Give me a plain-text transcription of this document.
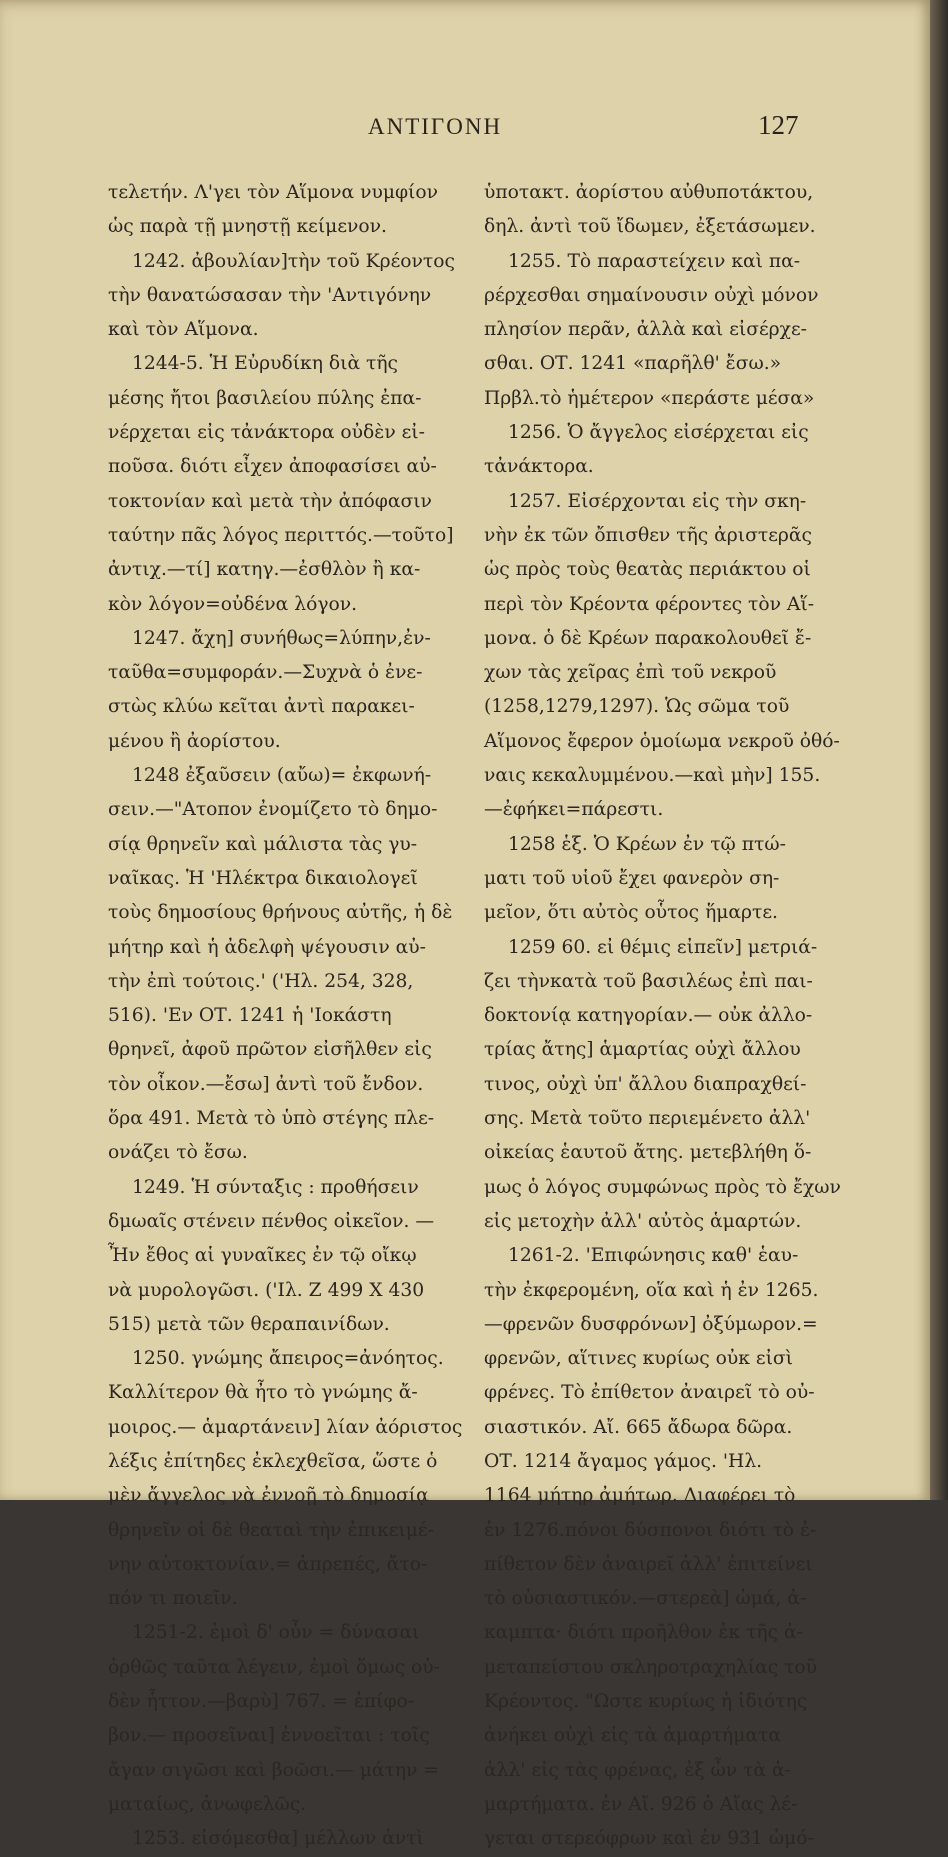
ΑΝΤΙΓΟΝΗ	127
τελετήν. Λ'γει τὸν Αἵμονα νυμφίον
ὡς παρὰ τῇ μνηστῇ κείμενον.
1242. ἀβουλίαν]τὴν τοῦ Κρέοντος
τὴν θανατώσασαν τὴν 'Αντιγόνην
καὶ τὸν Αἵμονα.
1244-5. Ἡ Εὐρυδίκη διὰ τῆς
μέσης ἤτοι βασιλείου πύλης ἐπα-
νέρχεται εἰς τἀνάκτορα οὐδὲν εἰ-
ποῦσα. διότι εἶχεν ἀποφασίσει αὐ-
τοκτονίαν καὶ μετὰ τὴν ἀπόφασιν
ταύτην πᾶς λόγος περιττός.—τοῦτο]
ἀντιχ.—τί] κατηγ.—ἐσθλὸν ἢ κα-
κὸν λόγον=οὐδένα λόγον.
1247. ἄχη] συνήθως=λύπην,ἐν-
ταῦθα=συμφοράν.—Συχνὰ ὁ ἐνε-
στὼς κλύω κεῖται ἀντὶ παρακει-
μένου ἢ ἀορίστου.
1248 ἐξαῦσειν (αὔω)= ἐκφωνή-
σειν.—"Ατοπον ἐνομίζετο τὸ δημο-
σίᾳ θρηνεῖν καὶ μάλιστα τὰς γυ-
ναῖκας. Ἡ 'Ηλέκτρα δικαιολογεῖ
τοὺς δημοσίους θρήνους αὐτῆς, ἡ δὲ
μήτηρ καὶ ἡ ἀδελφὴ ψέγουσιν αὐ-
τὴν ἐπὶ τούτοις.' ('Ηλ. 254, 328,
516). 'Εν ΟΤ. 1241 ἡ 'Ιοκάστη
θρηνεῖ, ἀφοῦ πρῶτον εἰσῆλθεν εἰς
τὸν οἶκον.—ἔσω] ἀντὶ τοῦ ἔνδον.
ὅρα 491. Μετὰ τὸ ὑπὸ στέγης πλε-
ονάζει τὸ ἔσω.
1249. Ἡ σύνταξις : προθήσειν
δμωαῖς στένειν πένθος οἰκεῖον. —
Ἦν ἔθος αἱ γυναῖκες ἐν τῷ οἴκῳ
νὰ μυρολογῶσι. ('Ιλ. Ζ 499 Χ 430
515) μετὰ τῶν θεραπαινίδων.
1250. γνώμης ἄπειρος=ἀνόητος.
Καλλίτερον θὰ ἦτο τὸ γνώμης ἄ-
μοιρος.— ἁμαρτάνειν] λίαν ἀόριστος
λέξις ἐπίτηδες ἐκλεχθεῖσα, ὥστε ὁ
μὲν ἄγγελος νὰ ἐννοῇ τὸ δημοσίᾳ
θρηνεῖν οἱ δὲ θεαταὶ τὴν ἐπικειμέ-
νην αὐτοκτονίαν.= ἀπρεπές, ἄτο-
πόν τι ποιεῖν.
1251-2. ἐμοὶ δ' οὖν = δύνασαι
ὀρθῶς ταῦτα λέγειν, ἐμοὶ ὅμως οὐ-
δὲν ἧττον.—βαρὺ] 767. = ἐπίφο-
βον.— προσεῖναι] ἐννοεῖται : τοῖς
ἄγαν σιγῶσι καὶ βοῶσι.— μάτην =
ματαίως, ἀνωφελῶς.
1253. εἰσόμεσθα] μέλλων ἀντὶ
ὑποτακτ. ἀορίστου αὐθυποτάκτου,
δηλ. ἀντὶ τοῦ ἴδωμεν, ἐξετάσωμεν.
1255. Τὸ παραστείχειν καὶ πα-
ρέρχεσθαι σημαίνουσιν οὐχὶ μόνον
πλησίον περᾶν, ἀλλὰ καὶ εἰσέρχε-
σθαι. ΟΤ. 1241 «παρῆλθ' ἔσω.»
Πρβλ.τὸ ἡμέτερον «περάστε μέσα»
1256. Ὁ ἄγγελος εἰσέρχεται εἰς
τἀνάκτορα.
1257. Εἰσέρχονται εἰς τὴν σκη-
νὴν ἐκ τῶν ὄπισθεν τῆς ἀριστερᾶς
ὡς πρὸς τοὺς θεατὰς περιάκτου οἱ
περὶ τὸν Κρέοντα φέροντες τὸν Αἵ-
μονα. ὁ δὲ Κρέων παρακολουθεῖ ἔ-
χων τὰς χεῖρας ἐπὶ τοῦ νεκροῦ
(1258,1279,1297). Ὡς σῶμα τοῦ
Αἵμονος ἔφερον ὁμοίωμα νεκροῦ ὀθό-
ναις κεκαλυμμένου.—καὶ μὴν] 155.
—ἐφήκει=πάρεστι.
1258 ἑξ. Ὁ Κρέων ἐν τῷ πτώ-
ματι τοῦ υἱοῦ ἔχει φανερὸν ση-
μεῖον, ὅτι αὐτὸς οὗτος ἥμαρτε.
1259 60. εἰ θέμις εἰπεῖν] μετριά-
ζει τὴνκατὰ τοῦ βασιλέως ἐπὶ παι-
δοκτονίᾳ κατηγορίαν.— οὐκ ἀλλο-
τρίας ἄτης] ἁμαρτίας οὐχὶ ἄλλου
τινος, οὐχὶ ὑπ' ἄλλου διαπραχθεί-
σης. Μετὰ τοῦτο περιεμένετο ἀλλ'
οἰκείας ἑαυτοῦ ἄτης. μετεβλήθη ὅ-
μως ὁ λόγος συμφώνως πρὸς τὸ ἔχων
εἰς μετοχὴν ἀλλ' αὐτὸς ἁμαρτών.
1261-2. 'Επιφώνησις καθ' ἑαυ-
τὴν ἐκφερομένη, οἵα καὶ ἡ ἐν 1265.
—φρενῶν δυσφρόνων] ὀξύμωρον.=
φρενῶν, αἵτινες κυρίως οὐκ εἰσὶ
φρένες. Τὸ ἐπίθετον ἀναιρεῖ τὸ οὐ-
σιαστικόν. Αἴ. 665 ἄδωρα δῶρα.
ΟΤ. 1214 ἄγαμος γάμος. 'Ηλ.
1164 μήτηρ ἀμήτωρ. Διαφέρει τὸ
ἐν 1276.πόνοι δύσπονοι διότι τὸ ἐ-
πίθετον δὲν ἀναιρεῖ ἀλλ' ἐπιτείνει
τὸ οὐσιαστικόν.—στερεὰ] ὠμά, ἀ-
καμπτα· διότι προῆλθον ἐκ τῆς ἀ-
μεταπείστου σκληροτραχηλίας τοῦ
Κρέοντος. "Ωστε κυρίως ἡ ἰδιότης
ἀνήκει οὐχὶ εἰς τὰ ἁμαρτήματα
ἀλλ' εἰς τὰς φρένας, ἐξ ὧν τὰ ἁ-
μαρτήματα. ἐν Αἴ. 926 ὁ Αἴας λέ-
γεται στερεόφρων καὶ ἐν 931 ὠμό-
